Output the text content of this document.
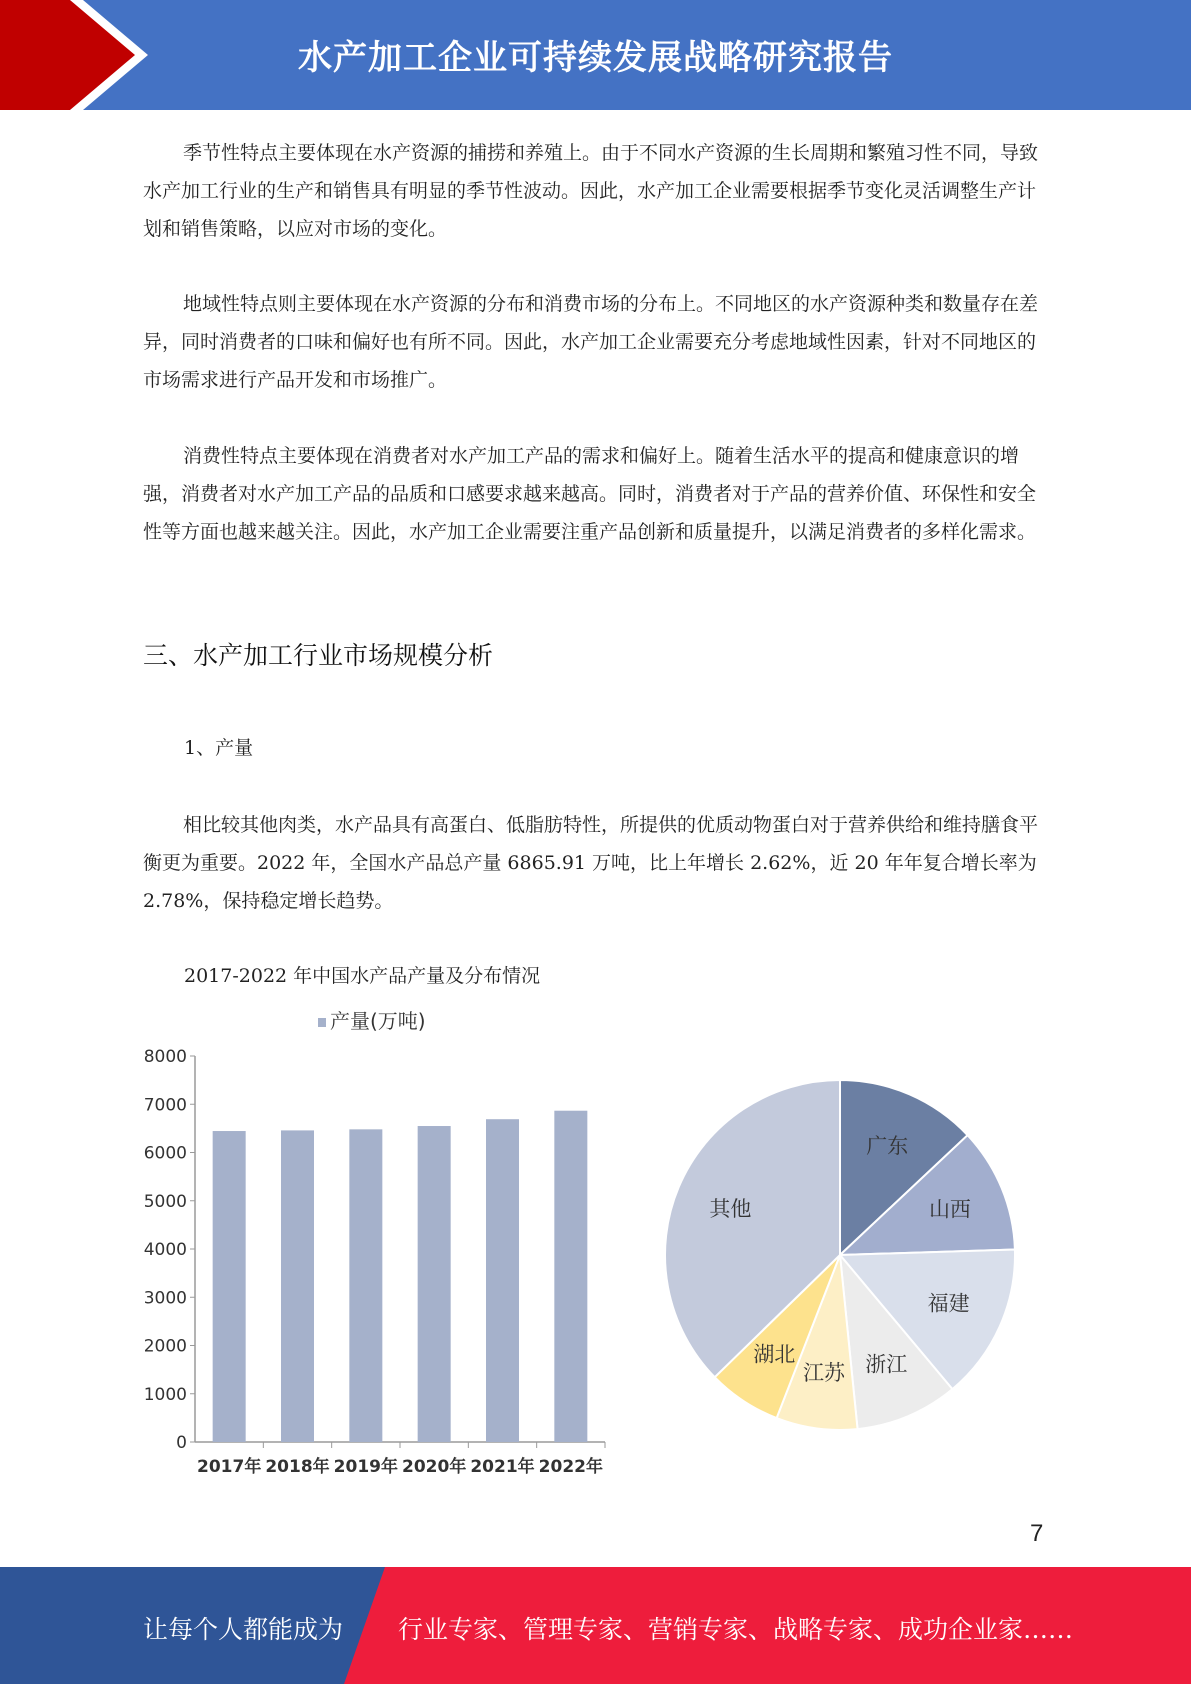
水产加工企业可持续发展战略研究报告

季节性特点主要体现在水产资源的捕捞和养殖上。由于不同水产资源的生长周期和繁殖习性不同，导致水产加工行业的生产和销售具有明显的季节性波动。因此，水产加工企业需要根据季节变化灵活调整生产计划和销售策略，以应对市场的变化。

地域性特点则主要体现在水产资源的分布和消费市场的分布上。不同地区的水产资源种类和数量存在差异，同时消费者的口味和偏好也有所不同。因此，水产加工企业需要充分考虑地域性因素，针对不同地区的市场需求进行产品开发和市场推广。

消费性特点主要体现在消费者对水产加工产品的需求和偏好上。随着生活水平的提高和健康意识的增强，消费者对水产加工产品的品质和口感要求越来越高。同时，消费者对于产品的营养价值、环保性和安全性等方面也越来越关注。因此，水产加工企业需要注重产品创新和质量提升，以满足消费者的多样化需求。

三、水产加工行业市场规模分析
1、产量

相比较其他肉类，水产品具有高蛋白、低脂肪特性，所提供的优质动物蛋白对于营养供给和维持膳食平衡更为重要。2022 年，全国水产品总产量 6865.91 万吨，比上年增长 2.62%，近 20 年年复合增长率为 2.78%，保持稳定增长趋势。

2017-2022 年中国水产品产量及分布情况
0
1000
2000
3000
4000
5000
6000
7000
8000
2017年 2018年 2019年 2020年 2021年 2022年
产量(万吨)
广东
山西
福建
浙江
江苏
湖北
其他
7
让每个人都能成为 行业专家、管理专家、营销专家、战略专家、成功企业家……
